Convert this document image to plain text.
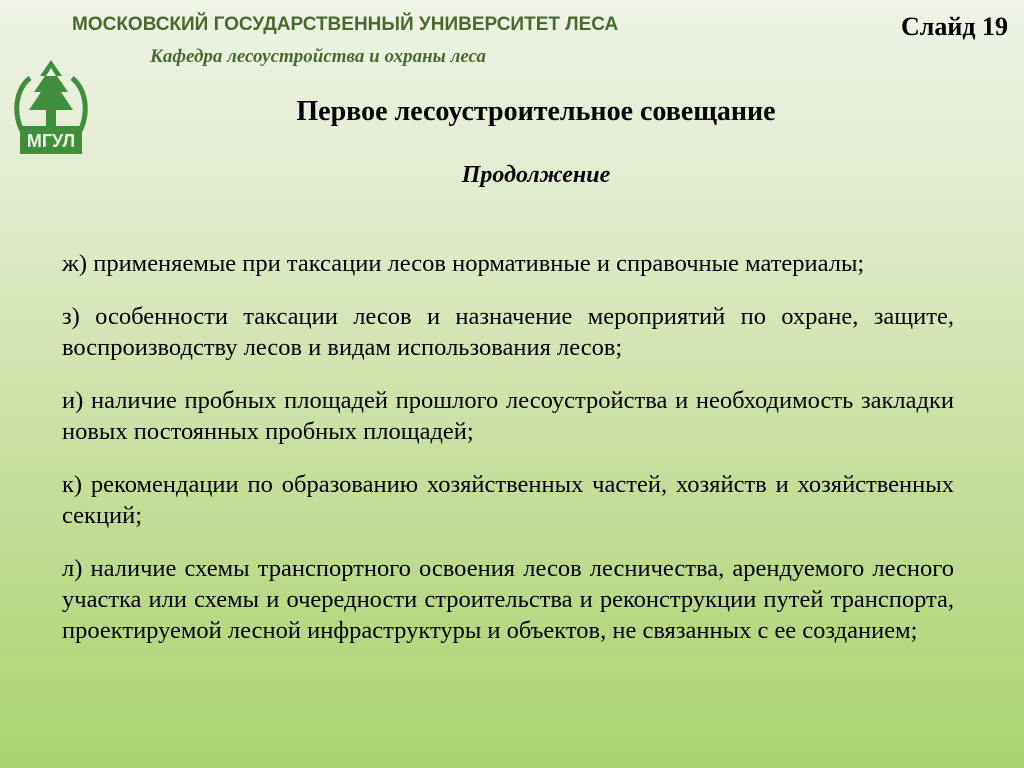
МГУЛ
МОСКОВСКИЙ ГОСУДАРСТВЕННЫЙ УНИВЕРСИТЕТ ЛЕСА
Кафедра лесоустройства и охраны леса
Слайд 19
Первое лесоустроительное совещание
Продолжение

ж) применяемые при таксации лесов нормативные и справочные материалы;

з) особенности таксации лесов и назначение мероприятий по охране, защите, воспроизводству лесов и видам использования лесов;

и) наличие пробных площадей прошлого лесоустройства и необходимость закладки новых постоянных пробных площадей;

к) рекомендации по образованию хозяйственных частей, хозяйств и хозяйственных секций;

л) наличие схемы транспортного освоения лесов лесничества, арендуемого лесного участка или схемы и очередности строительства и реконструкции путей транспорта, проектируемой лесной инфраструктуры и объектов, не связанных с ее созданием;
